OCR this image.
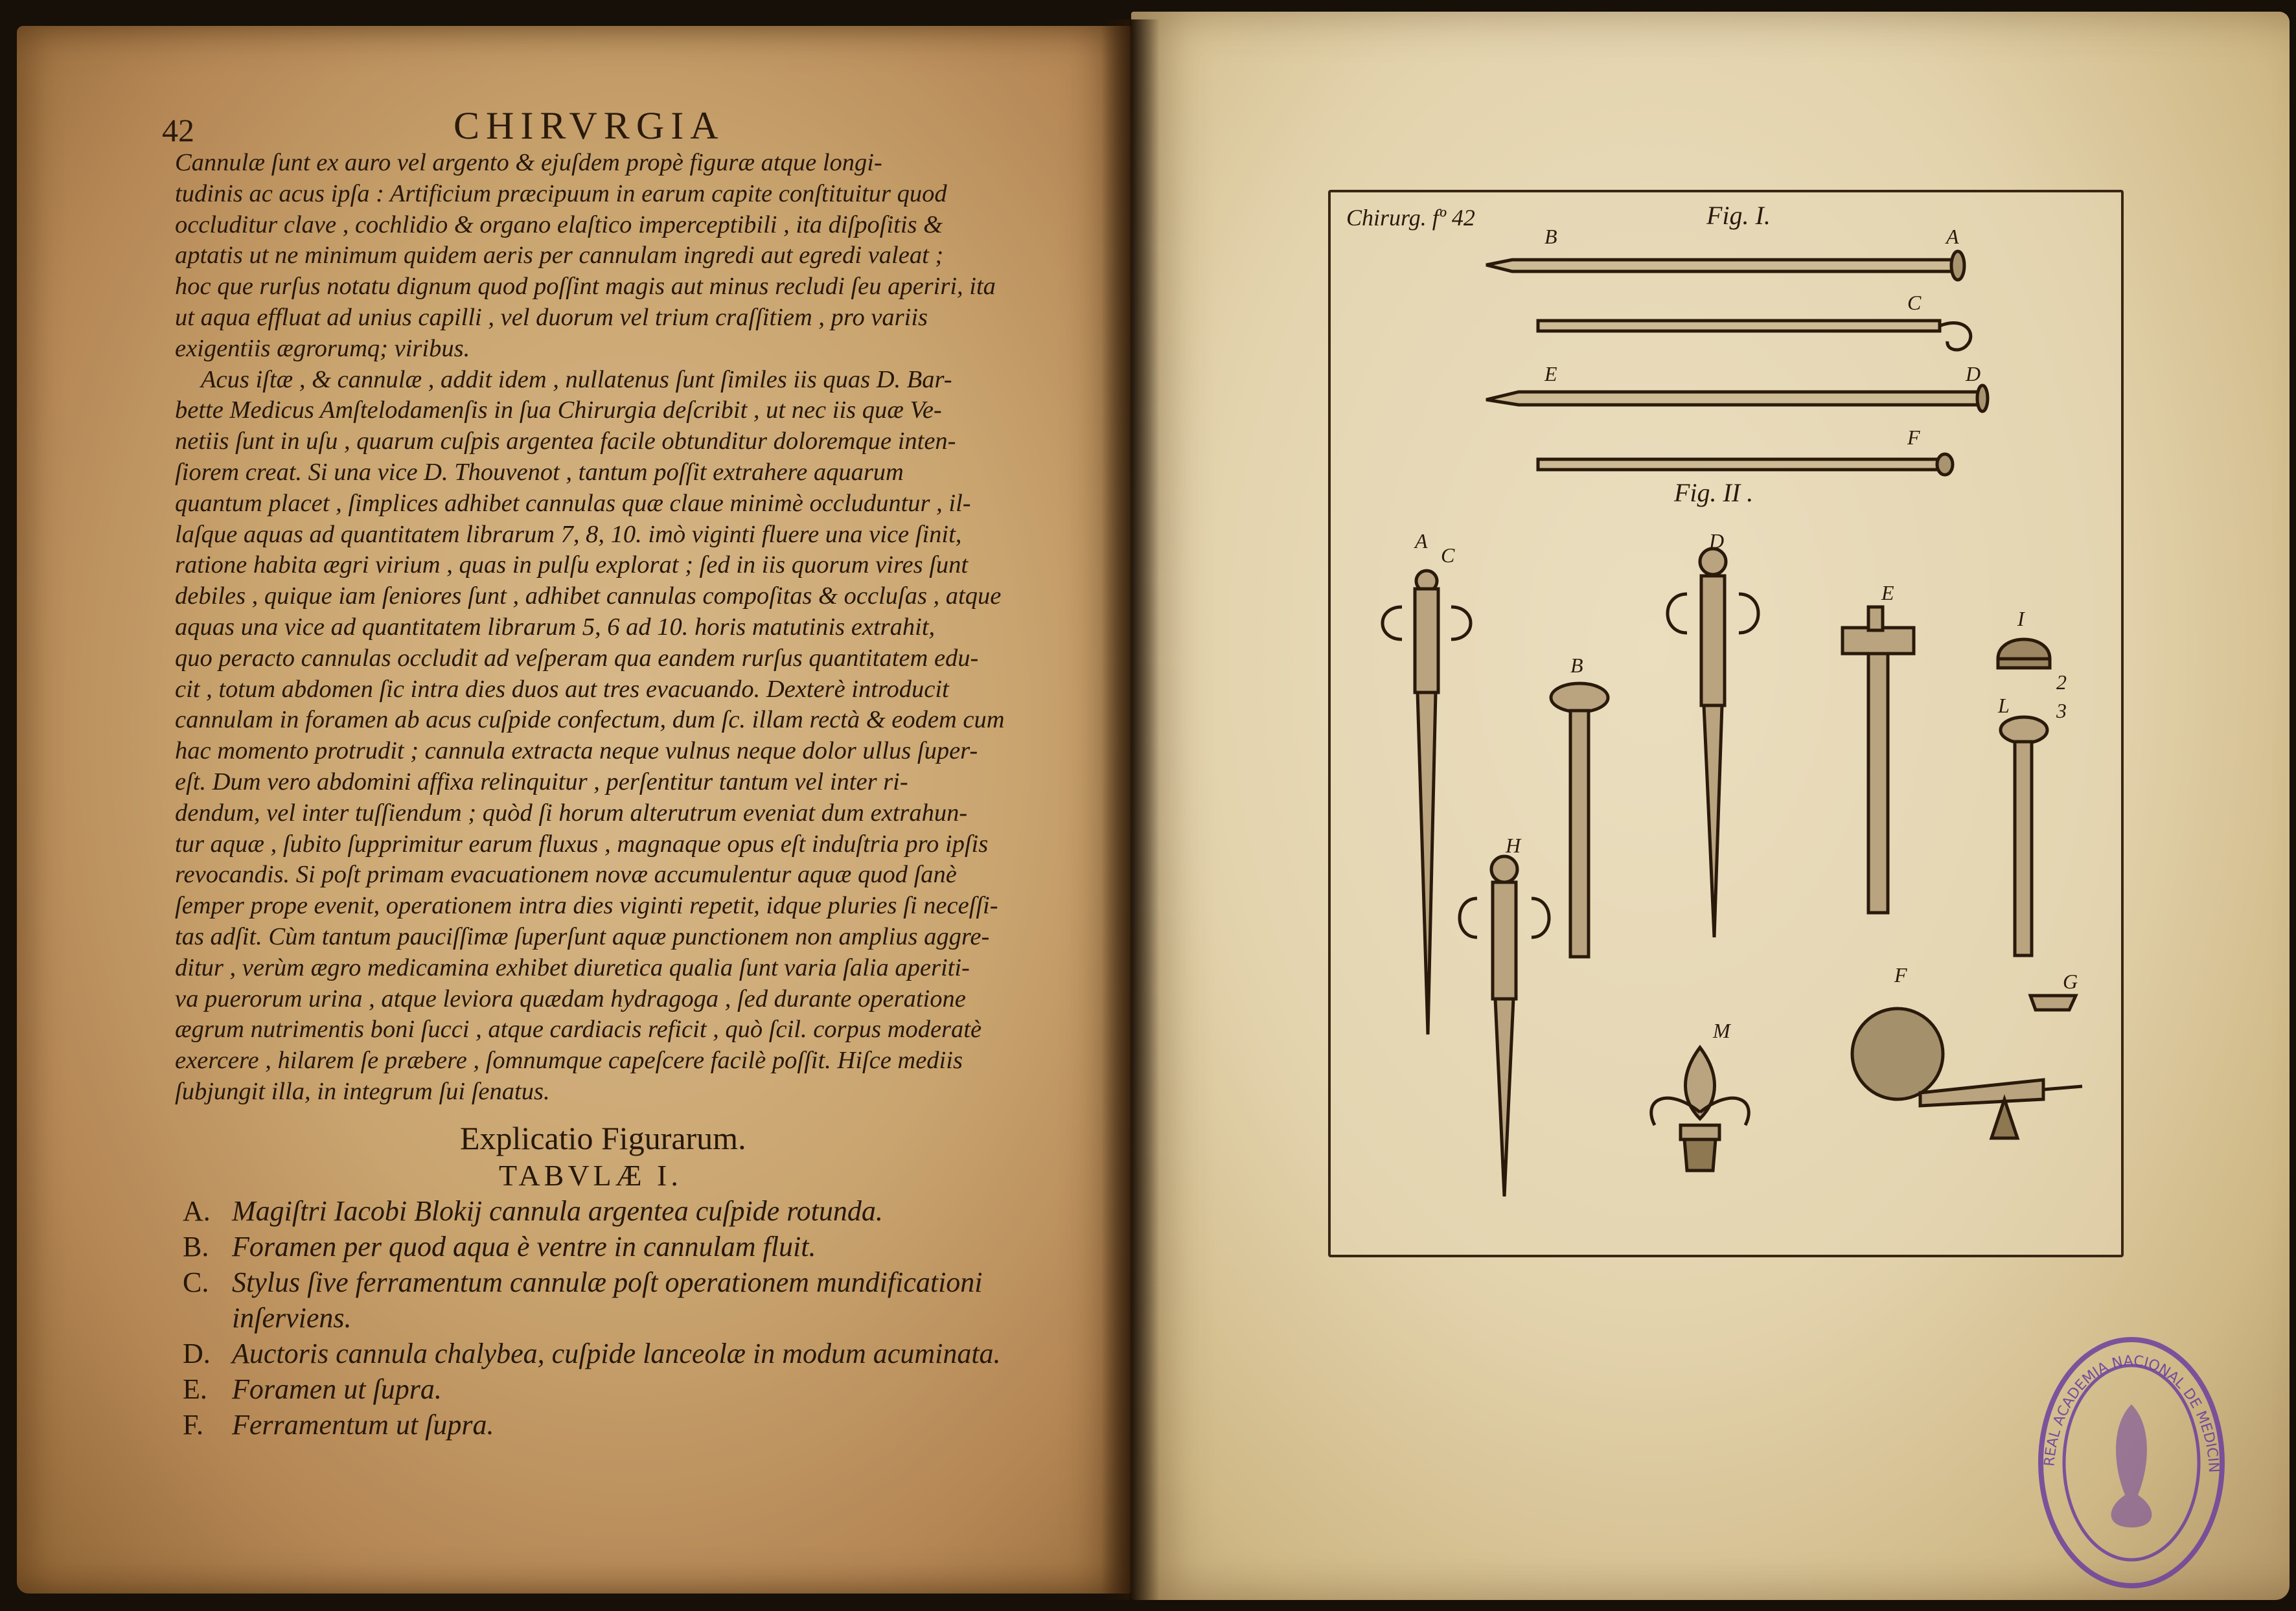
42	CHIRVRGIA
Cannulæ ſunt ex auro vel argento & ejuſdem propè figuræ atque longi-
tudinis ac acus ipſa : Artificium præcipuum in earum capite conſtituitur quod
occluditur clave , cochlidio & organo elaſtico imperceptibili , ita diſpoſitis &
aptatis ut ne minimum quidem aeris per cannulam ingredi aut egredi valeat ;
hoc que rurſus notatu dignum quod poſſint magis aut minus recludi ſeu aperiri, ita
ut aqua effluat ad unius capilli , vel duorum vel trium craſſitiem , pro variis
exigentiis ægrorumq; viribus.
Acus iſtæ , & cannulæ , addit idem , nullatenus ſunt ſimiles iis quas D. Bar-
bette Medicus Amſtelodamenſis in ſua Chirurgia deſcribit , ut nec iis quæ Ve-
netiis ſunt in uſu , quarum cuſpis argentea facile obtunditur doloremque inten-
ſiorem creat. Si una vice D. Thouvenot , tantum poſſit extrahere aquarum
quantum placet , ſimplices adhibet cannulas quæ claue minimè occluduntur , il-
laſque aquas ad quantitatem librarum 7, 8, 10. imò viginti fluere una vice ſinit,
ratione habita ægri virium , quas in pulſu explorat ; ſed in iis quorum vires ſunt
debiles , quique iam ſeniores ſunt , adhibet cannulas compoſitas & occluſas , atque
aquas una vice ad quantitatem librarum 5, 6 ad 10. horis matutinis extrahit,
quo peracto cannulas occludit ad veſperam qua eandem rurſus quantitatem edu-
cit , totum abdomen ſic intra dies duos aut tres evacuando. Dexterè introducit
cannulam in foramen ab acus cuſpide confectum, dum ſc. illam rectà & eodem cum
hac momento protrudit ; cannula extracta neque vulnus neque dolor ullus ſuper-
eſt. Dum vero abdomini affixa relinquitur , perſentitur tantum vel inter ri-
dendum, vel inter tuſſiendum ; quòd ſi horum alterutrum eveniat dum extrahun-
tur aquæ , ſubito ſupprimitur earum fluxus , magnaque opus eſt induſtria pro ipſis
revocandis. Si poſt primam evacuationem novæ accumulentur aquæ quod ſanè
ſemper prope evenit, operationem intra dies viginti repetit, idque pluries ſi neceſſi-
tas adſit. Cùm tantum pauciſſimæ ſuperſunt aquæ punctionem non amplius aggre-
ditur , verùm ægro medicamina exhibet diuretica qualia ſunt varia ſalia aperiti-
va puerorum urina , atque leviora quædam hydragoga , ſed durante operatione
ægrum nutrimentis boni ſucci , atque cardiacis reficit , quò ſcil. corpus moderatè
exercere , hilarem ſe præbere , ſomnumque capeſcere facilè poſſit. Hiſce mediis
ſubjungit illa, in integrum ſui ſenatus.
Explicatio Figurarum.
TABVLÆ I.
A. Magiſtri Iacobi Blokij cannula argentea cuſpide rotunda.
B. Foramen per quod aqua è ventre in cannulam fluit.
C. Stylus ſive ferramentum cannulæ poſt operationem mundificationi
inſerviens.
D. Auctoris cannula chalybea, cuſpide lanceolæ in modum acuminata.
E. Foramen ut ſupra.
F.	Ferramentum ut ſupra.
Chirurg. fº 42	Fig. I.
Fig. II .
B	A
C
E	D
F
A
C
B
D
E
I
2
L 3
H
M
F	G
REAL ACADEMIA NACIONAL DE MEDICIN
